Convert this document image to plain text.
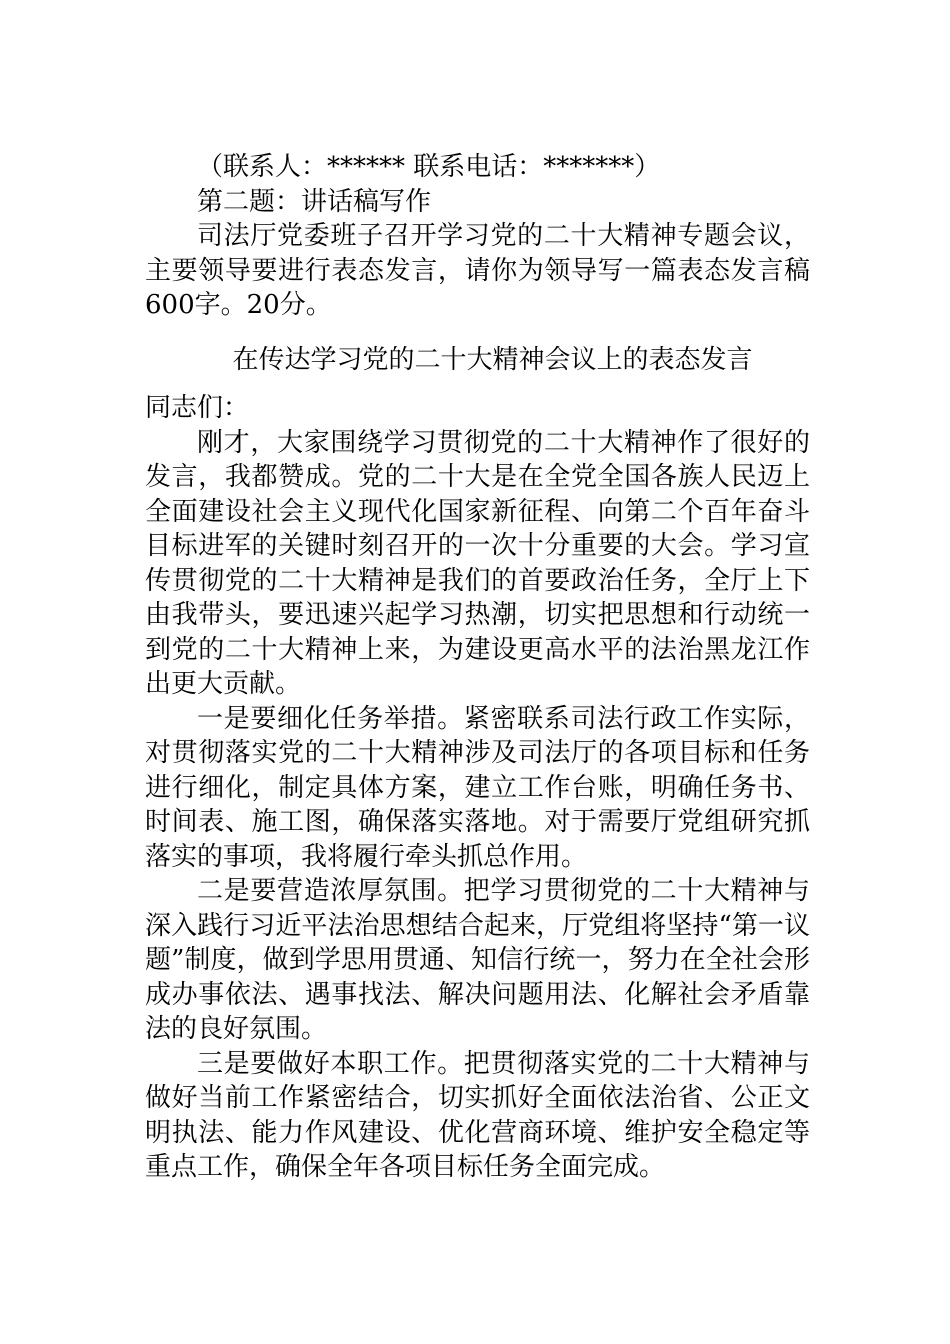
（联系人：****** 联系电话：*******）
第二题：讲话稿写作

司法厅党委班子召开学习党的二十大精神专题会议，主要领导要进行表态发言，请你为领导写一篇表态发言稿600字。20分。

在传达学习党的二十大精神会议上的表态发言

同志们：

刚才，大家围绕学习贯彻党的二十大精神作了很好的发言，我都赞成。党的二十大是在全党全国各族人民迈上全面建设社会主义现代化国家新征程、向第二个百年奋斗目标进军的关键时刻召开的一次十分重要的大会。学习宣传贯彻党的二十大精神是我们的首要政治任务，全厅上下由我带头，要迅速兴起学习热潮，切实把思想和行动统一到党的二十大精神上来，为建设更高水平的法治黑龙江作出更大贡献。

一是要细化任务举措。紧密联系司法行政工作实际，对贯彻落实党的二十大精神涉及司法厅的各项目标和任务进行细化，制定具体方案，建立工作台账，明确任务书、时间表、施工图，确保落实落地。对于需要厅党组研究抓落实的事项，我将履行牵头抓总作用。

二是要营造浓厚氛围。把学习贯彻党的二十大精神与深入践行习近平法治思想结合起来，厅党组将坚持“第一议题”制度，做到学思用贯通、知信行统一，努力在全社会形成办事依法、遇事找法、解决问题用法、化解社会矛盾靠法的良好氛围。

三是要做好本职工作。把贯彻落实党的二十大精神与做好当前工作紧密结合，切实抓好全面依法治省、公正文明执法、能力作风建设、优化营商环境、维护安全稳定等重点工作，确保全年各项目标任务全面完成。
